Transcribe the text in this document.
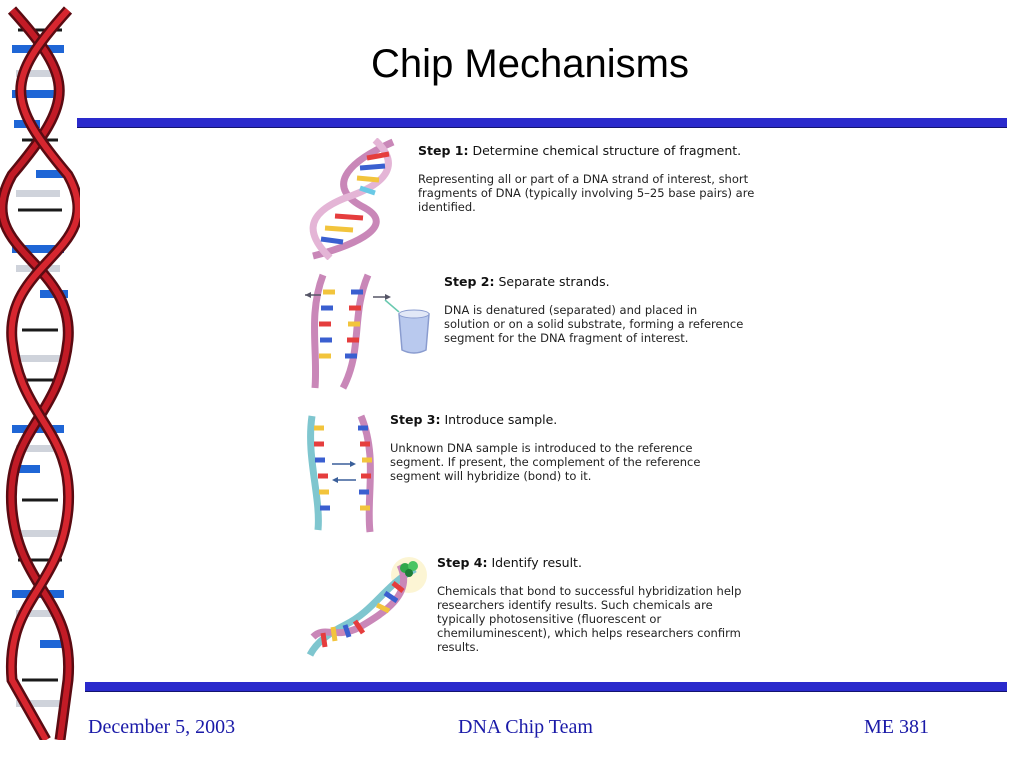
Chip Mechanisms
Step 1: Determine chemical structure of fragment.
Representing all or part of a DNA strand of interest, short fragments of DNA (typically involving 5–25 base pairs) are identified.
Step 2: Separate strands.
DNA is denatured (separated) and placed in solution or on a solid substrate, forming a reference segment for the DNA fragment of interest.
Step 3: Introduce sample.
Unknown DNA sample is introduced to the reference segment. If present, the complement of the reference segment will hybridize (bond) to it.
Step 4: Identify result.
Chemicals that bond to successful hybridization help researchers identify results. Such chemicals are typically photosensitive (fluorescent or chemiluminescent), which helps researchers confirm results.
December 5, 2003	DNA Chip Team	ME 381
